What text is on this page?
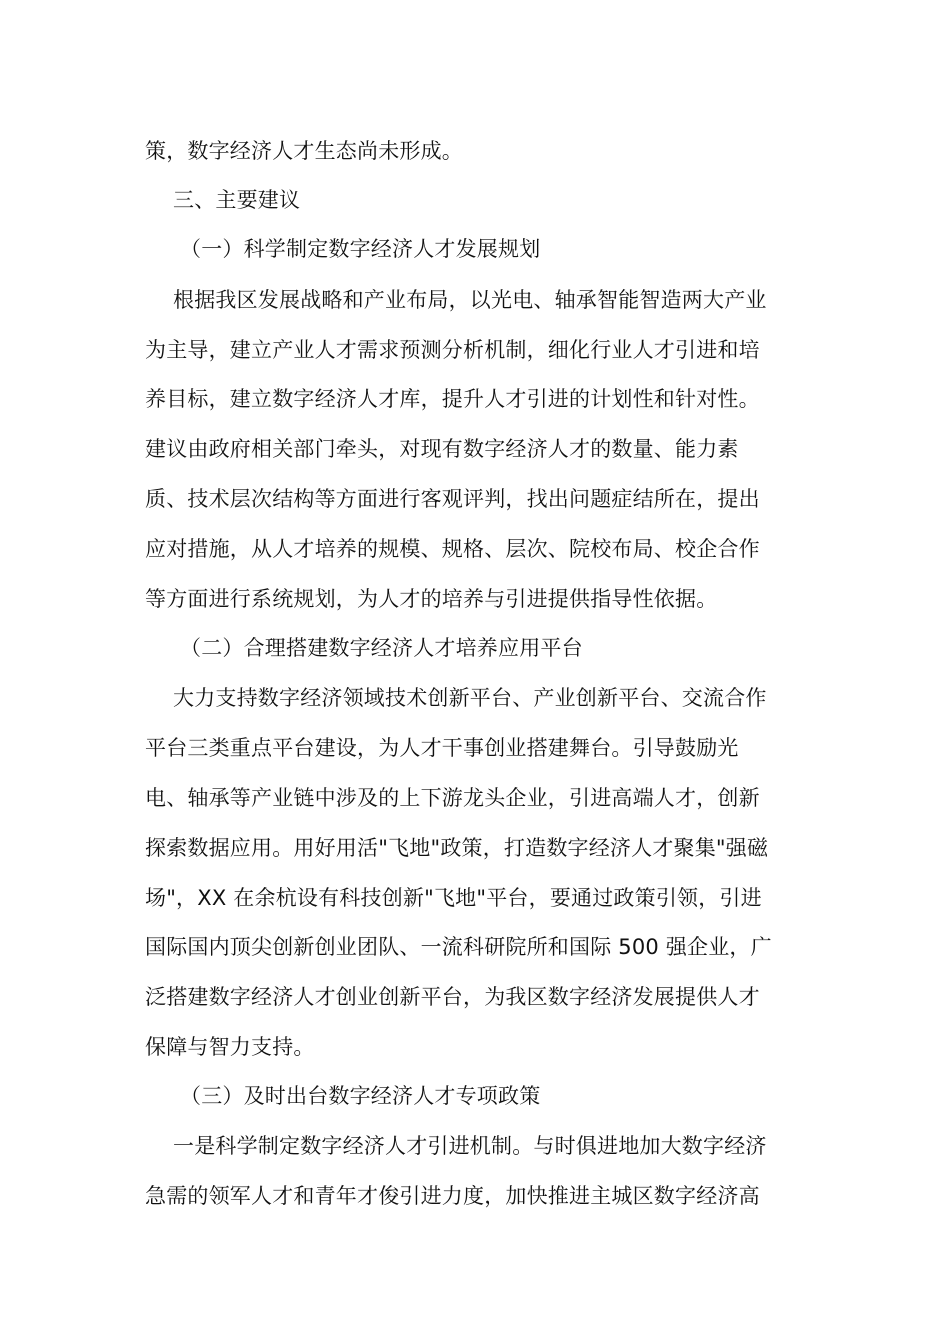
策，数字经济人才生态尚未形成。
三、主要建议
（一）科学制定数字经济人才发展规划
根据我区发展战略和产业布局，以光电、轴承智能智造两大产业
为主导，建立产业人才需求预测分析机制，细化行业人才引进和培
养目标，建立数字经济人才库，提升人才引进的计划性和针对性。
建议由政府相关部门牵头，对现有数字经济人才的数量、能力素
质、技术层次结构等方面进行客观评判，找出问题症结所在，提出
应对措施，从人才培养的规模、规格、层次、院校布局、校企合作
等方面进行系统规划，为人才的培养与引进提供指导性依据。
（二）合理搭建数字经济人才培养应用平台
大力支持数字经济领域技术创新平台、产业创新平台、交流合作
平台三类重点平台建设，为人才干事创业搭建舞台。引导鼓励光
电、轴承等产业链中涉及的上下游龙头企业，引进高端人才，创新
探索数据应用。用好用活"飞地"政策，打造数字经济人才聚集"强磁
场"，XX 在余杭设有科技创新"飞地"平台，要通过政策引领，引进
国际国内顶尖创新创业团队、一流科研院所和国际 500 强企业，广
泛搭建数字经济人才创业创新平台，为我区数字经济发展提供人才
保障与智力支持。
（三）及时出台数字经济人才专项政策
一是科学制定数字经济人才引进机制。与时俱进地加大数字经济
急需的领军人才和青年才俊引进力度，加快推进主城区数字经济高
